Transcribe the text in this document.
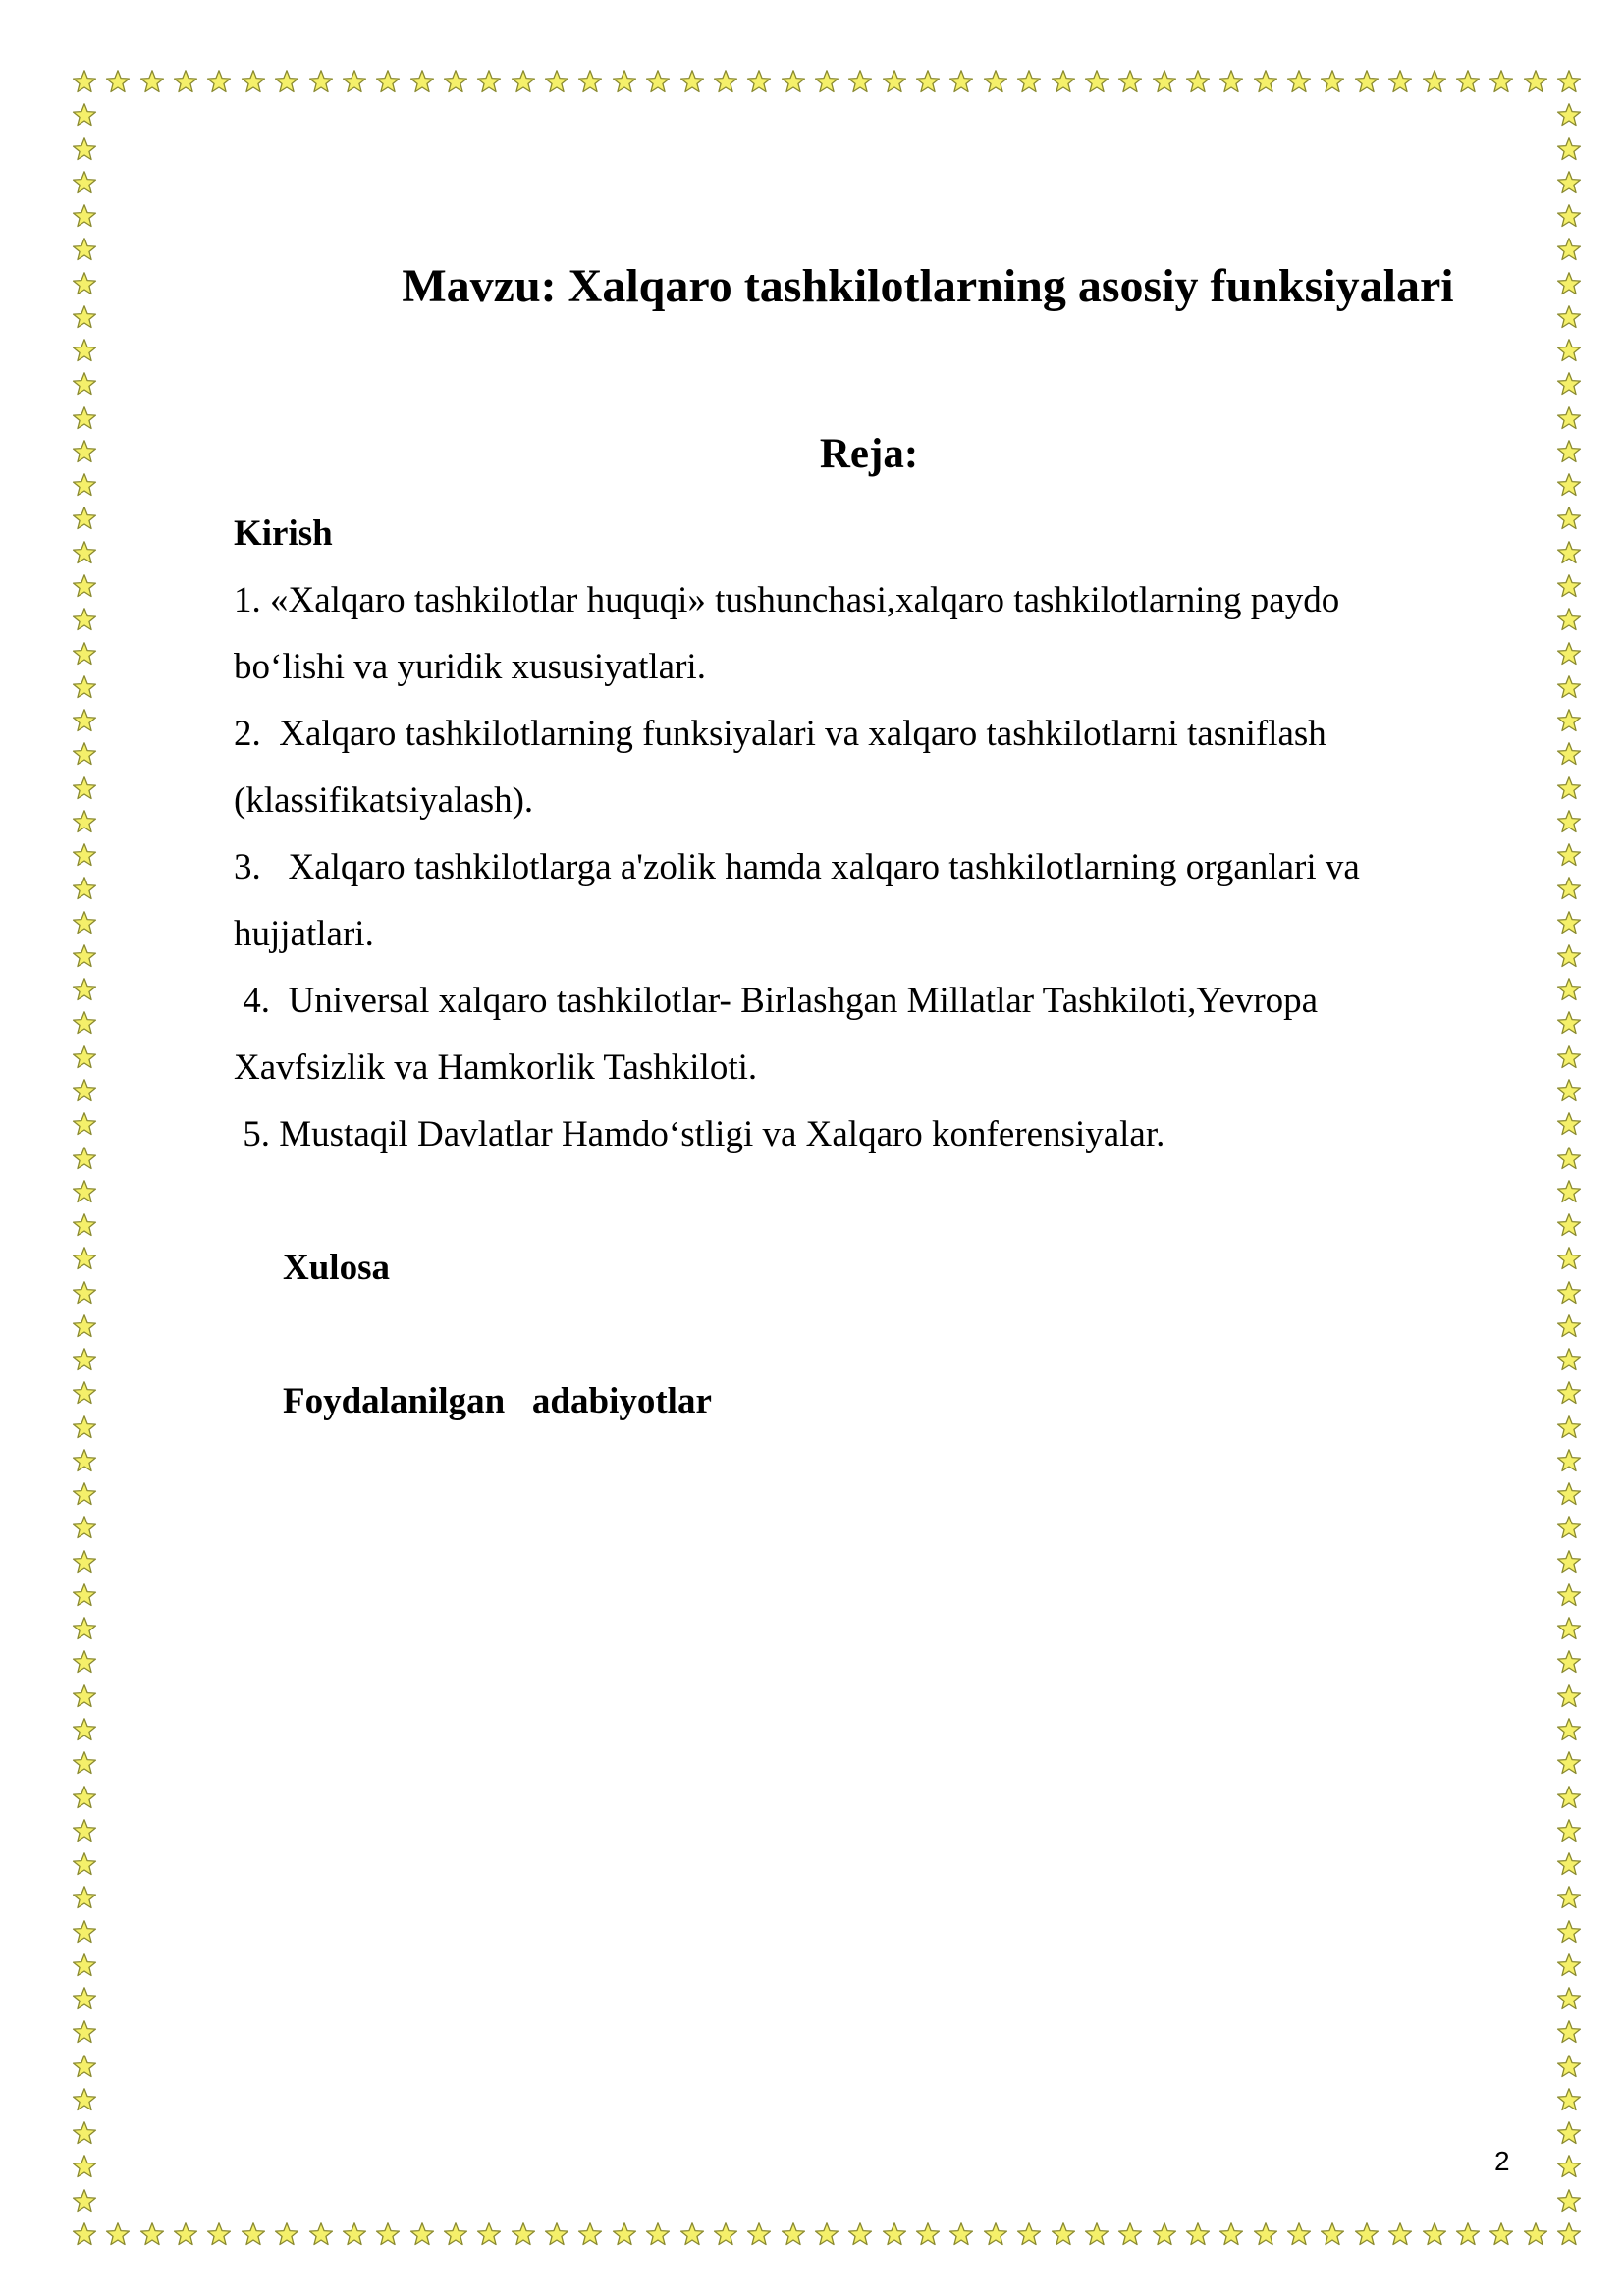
Mavzu: Xalqaro tashkilotlarning asosiy funksiyalari
Reja:
Kirish
1. «Xalqaro tashkilotlar huquqi» tushunchasi,xalqaro tashkilotlarning paydo
bo‘lishi va yuridik xususiyatlari.
2.  Xalqaro tashkilotlarning funksiyalari va xalqaro tashkilotlarni tasniflash
(klassifikatsiyalash).
3.   Xalqaro tashkilotlarga a'zolik hamda xalqaro tashkilotlarning organlari va
hujjatlari.
4.  Universal xalqaro tashkilotlar- Birlashgan Millatlar Tashkiloti,Yevropa
Xavfsizlik va Hamkorlik Tashkiloti.
5. Mustaqil Davlatlar Hamdo‘stligi va Xalqaro konferensiyalar.
Xulosa
Foydalanilgan   adabiyotlar
2
